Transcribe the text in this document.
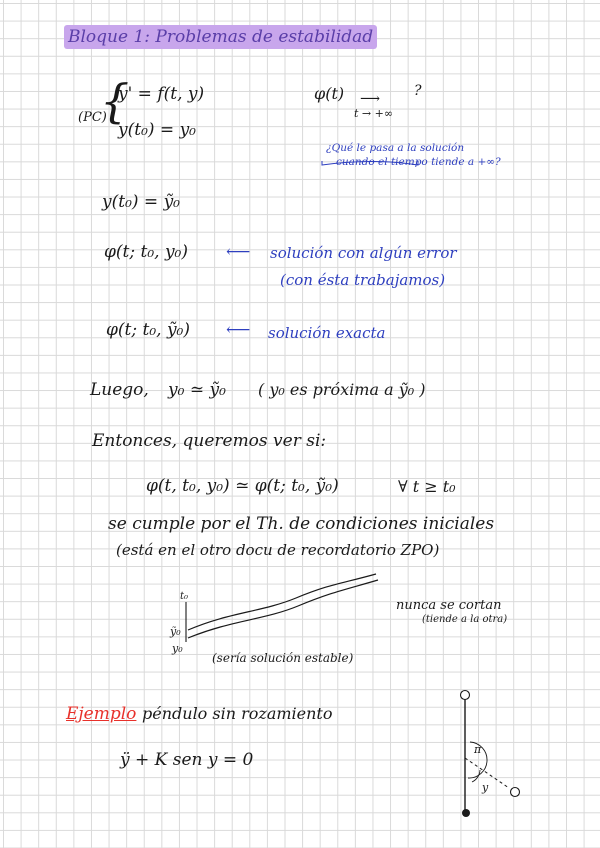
Bloque 1: Problemas de estabilidad
(PC)
{
y' = f(t, y)
y(t₀) = y₀
φ(t) ⟶ ?
t → +∞
¿Qué le pasa a la solución
cuando el tiempo tiende a +∞?
y(t₀) = ỹ₀
φ(t; t₀, y₀) ⟵ solución con algún error
(con ésta trabajamos)
φ(t; t₀, ỹ₀) ⟵ solución exacta
Luego, y₀ ≃ ỹ₀ ( y₀ es próxima a ỹ₀ )
Entonces, queremos ver si:
φ(t, t₀, y₀) ≃ φ(t; t₀, ỹ₀)	∀ t ≥ t₀
se cumple por el Th. de condiciones iniciales
(está en el otro docu de recordatorio ZPO)
t₀
ỹ₀
y₀
nunca se cortan
(tiende a la otra)
(sería solución estable)
Ejemplo péndulo sin rozamiento
ÿ + K sen y = 0
π
y
